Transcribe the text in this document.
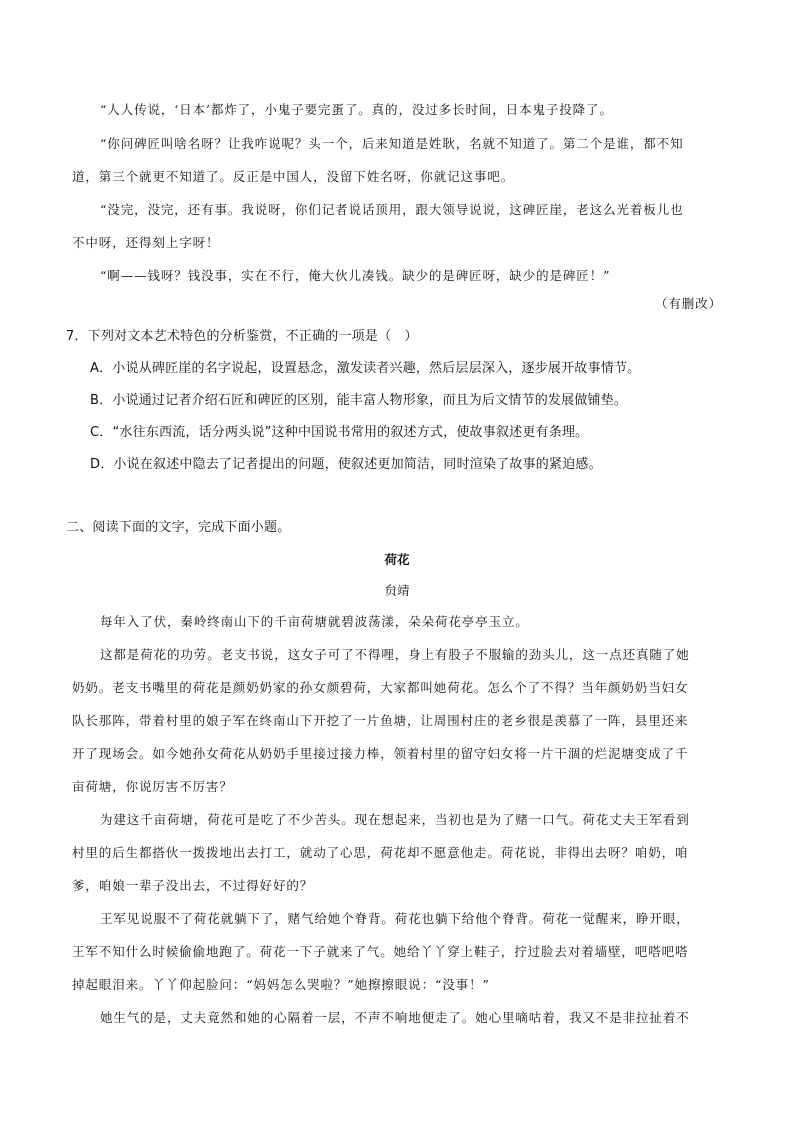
“人人传说，‘日本’都炸了，小鬼子要完蛋了。真的，没过多长时间，日本鬼子投降了。
“你问碑匠叫啥名呀？让我咋说呢？头一个，后来知道是姓耿，名就不知道了。第二个是谁，都不知
道，第三个就更不知道了。反正是中国人，没留下姓名呀，你就记这事吧。
“没完，没完，还有事。我说呀，你们记者说话顶用，跟大领导说说，这碑匠崖，老这么光着板儿也
不中呀，还得刻上字呀！
“啊——钱呀？钱没事，实在不行，俺大伙儿凑钱。缺少的是碑匠呀，缺少的是碑匠！”
（有删改）
7．下列对文本艺术特色的分析鉴赏，不正确的一项是（　）
A．小说从碑匠崖的名字说起，设置悬念，激发读者兴趣，然后层层深入，逐步展开故事情节。
B．小说通过记者介绍石匠和碑匠的区别，能丰富人物形象，而且为后文情节的发展做铺垫。
C．“水往东西流，话分两头说”这种中国说书常用的叙述方式，使故事叙述更有条理。
D．小说在叙述中隐去了记者提出的问题，使叙述更加简洁，同时渲染了故事的紧迫感。
二、阅读下面的文字，完成下面小题。
荷花
贠靖
每年入了伏，秦岭终南山下的千亩荷塘就碧波荡漾，朵朵荷花亭亭玉立。
这都是荷花的功劳。老支书说，这女子可了不得哩，身上有股子不服输的劲头儿，这一点还真随了她
奶奶。老支书嘴里的荷花是颜奶奶家的孙女颜碧荷，大家都叫她荷花。怎么个了不得？当年颜奶奶当妇女
队长那阵，带着村里的娘子军在终南山下开挖了一片鱼塘，让周围村庄的老乡很是羡慕了一阵，县里还来
开了现场会。如今她孙女荷花从奶奶手里接过接力棒，领着村里的留守妇女将一片干涸的烂泥塘变成了千
亩荷塘，你说厉害不厉害？
为建这千亩荷塘，荷花可是吃了不少苦头。现在想起来，当初也是为了赌一口气。荷花丈夫王军看到
村里的后生都搭伙一拨拨地出去打工，就动了心思，荷花却不愿意他走。荷花说，非得出去呀？咱奶，咱
爹，咱娘一辈子没出去，不过得好好的？
王军见说服不了荷花就躺下了，赌气给她个脊背。荷花也躺下给他个脊背。荷花一觉醒来，睁开眼，
王军不知什么时候偷偷地跑了。荷花一下子就来了气。她给丫丫穿上鞋子，拧过脸去对着墙壁，吧嗒吧嗒
掉起眼泪来。丫丫仰起脸问：“妈妈怎么哭啦？”她擦擦眼说：“没事！”
她生气的是，丈夫竟然和她的心隔着一层，不声不响地便走了。她心里嘀咕着，我又不是非拉扯着不
